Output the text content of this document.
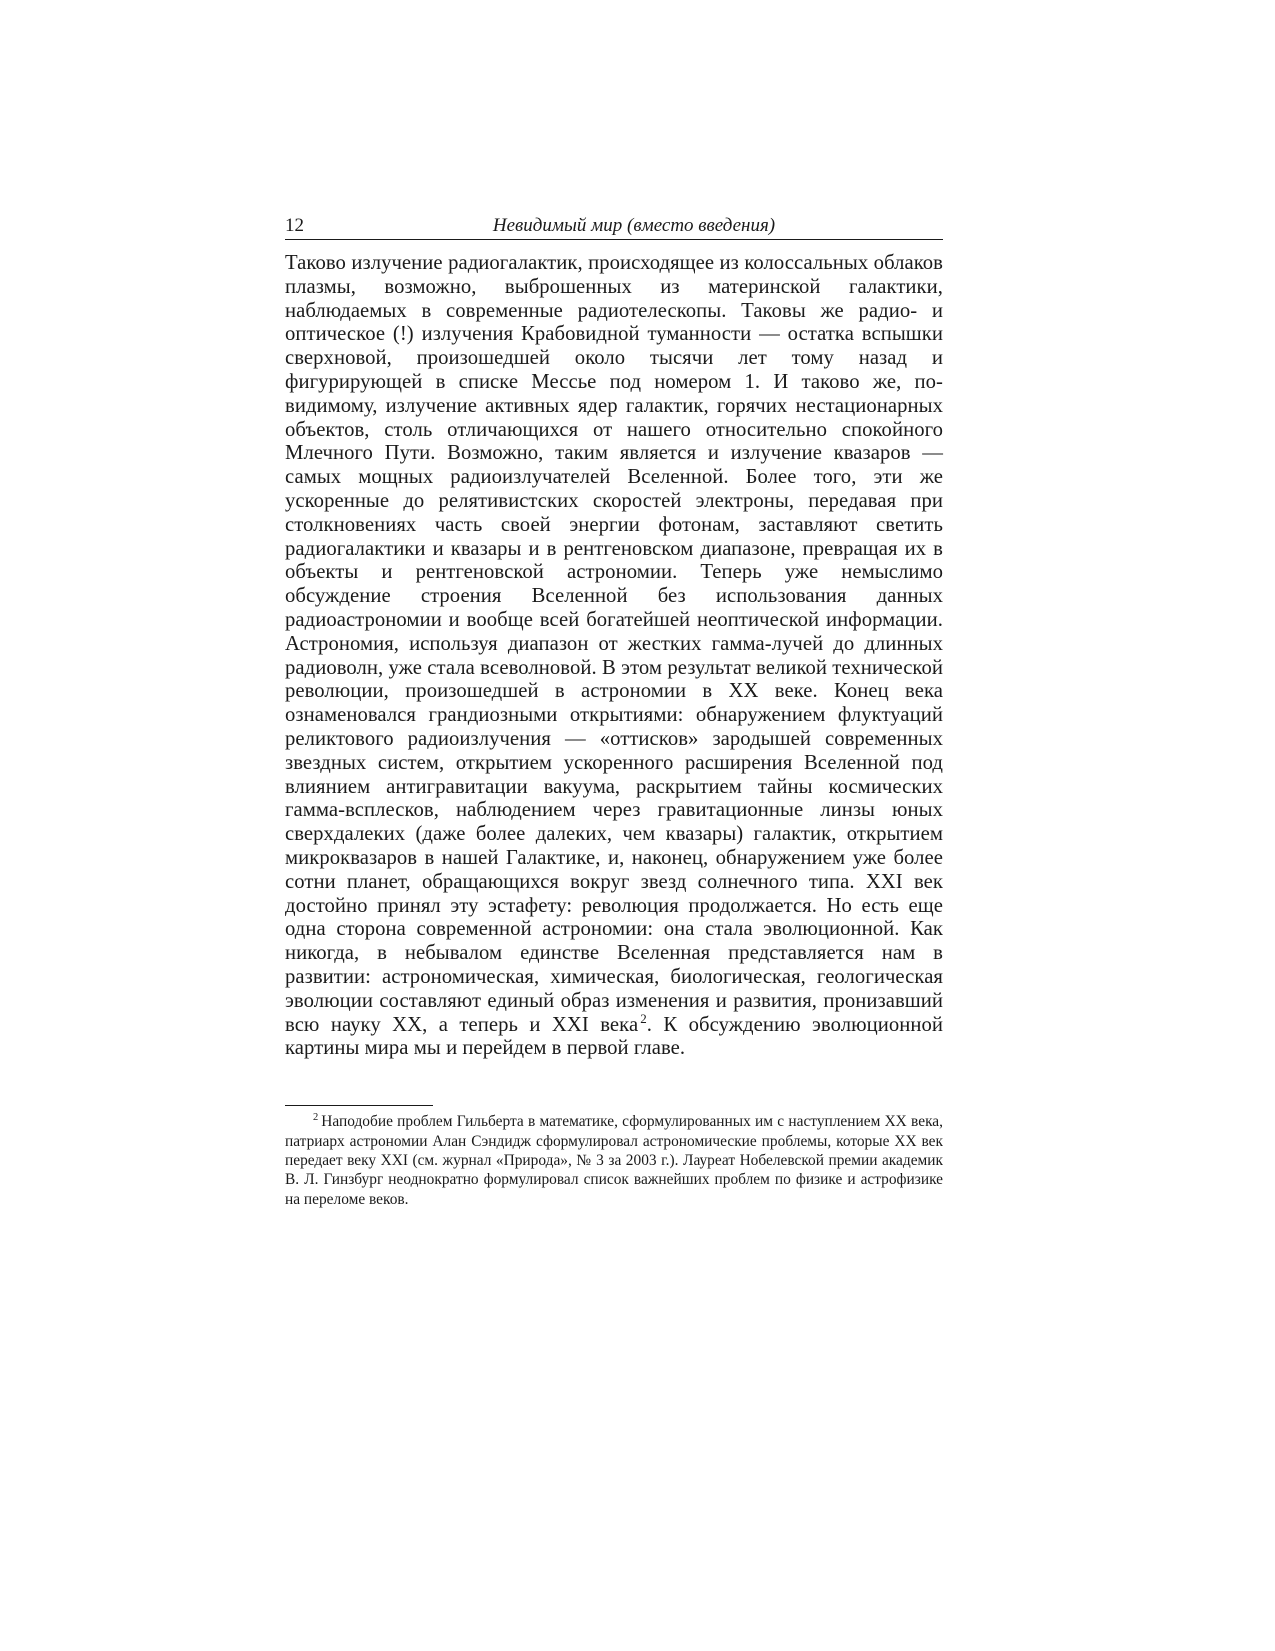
12	Невидимый мир (вместо введения)

Таково излучение радиогалактик, происходящее из колоссальных облаков плазмы, возможно, выброшенных из материнской галактики, наблюдаемых в современные радиотелескопы. Таковы же радио- и оптическое (!) излучения Крабовидной туманности — остатка вспышки сверхновой, произошедшей около тысячи лет тому назад и фигурирующей в списке Мессье под номером 1. И таково же, по-видимому, излучение активных ядер галактик, горячих нестационарных объектов, столь отличающихся от нашего относительно спокойного Млечного Пути. Возможно, таким является и излучение квазаров — самых мощных радиоизлучателей Вселенной. Более того, эти же ускоренные до релятивистских скоростей электроны, передавая при столкновениях часть своей энергии фотонам, заставляют светить радиогалактики и квазары и в рентгеновском диапазоне, превращая их в объекты и рентгеновской астрономии. Теперь уже немыслимо обсуждение строения Вселенной без использования данных радиоастрономии и вообще всей богатейшей неоптической информации. Астрономия, используя диапазон от жестких гамма-лучей до длинных радиоволн, уже стала всеволновой. В этом результат великой технической революции, произошедшей в астрономии в XX веке. Конец века ознаменовался грандиозными открытиями: обнаружением флуктуаций реликтового радиоизлучения — «оттисков» зародышей современных звездных систем, открытием ускоренного расширения Вселенной под влиянием антигравитации вакуума, раскрытием тайны космических гамма-всплесков, наблюдением через гравитационные линзы юных сверхдалеких (даже более далеких, чем квазары) галактик, открытием микроквазаров в нашей Галактике, и, наконец, обнаружением уже более сотни планет, обращающихся вокруг звезд солнечного типа. XXI век достойно принял эту эстафету: революция продолжается. Но есть еще одна сторона современной астрономии: она стала эволюционной. Как никогда, в небывалом единстве Вселенная представляется нам в развитии: астрономическая, химическая, биологическая, геологическая эволюции составляют единый образ изменения и развития, пронизавший всю науку XX, а теперь и XXI века $^2$. К обсуждению эволюционной картины мира мы и перейдем в первой главе.

$^2$ Наподобие проблем Гильберта в математике, сформулированных им с наступлением XX века, патриарх астрономии Алан Сэндидж сформулировал астрономические проблемы, которые XX век передает веку XXI (см. журнал «Природа», № 3 за 2003 г.). Лауреат Нобелевской премии академик В. Л. Гинзбург неоднократно формулировал список важнейших проблем по физике и астрофизике на переломе веков.
